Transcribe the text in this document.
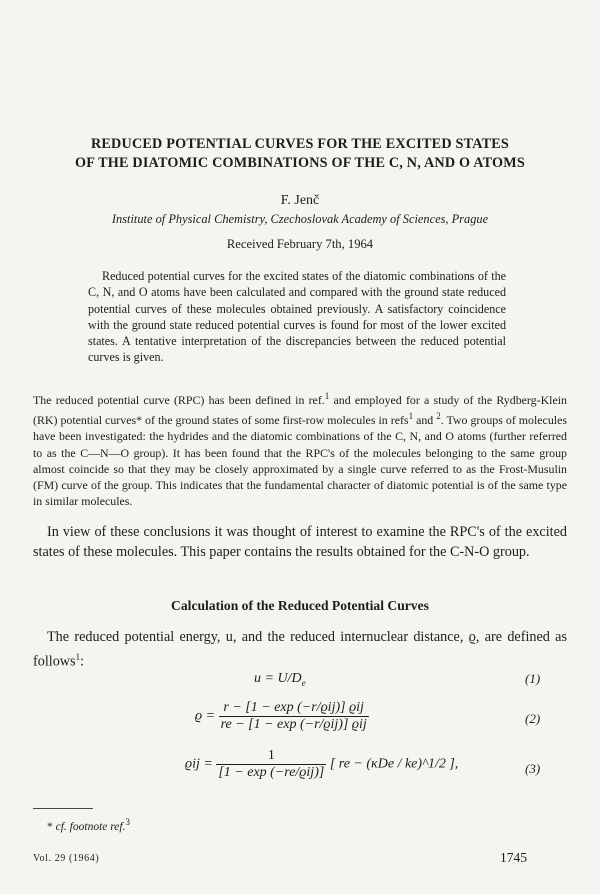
REDUCED POTENTIAL CURVES FOR THE EXCITED STATES
OF THE DIATOMIC COMBINATIONS OF THE C, N, AND O ATOMS
F. Jenč
Institute of Physical Chemistry, Czechoslovak Academy of Sciences, Prague
Received February 7th, 1964

Reduced potential curves for the excited states of the diatomic combinations of the C, N, and O atoms have been calculated and compared with the ground state reduced potential curves of these molecules obtained previously. A satisfactory coincidence with the ground state reduced potential curves is found for most of the lower excited states. A tentative interpretation of the discrepancies between the reduced potential curves is given.

The reduced potential curve (RPC) has been defined in ref.$^1$ and employed for a study of the Rydberg-Klein (RK) potential curves* of the ground states of some first-row molecules in refs$^1$ and $^2$. Two groups of molecules have been investigated: the hydrides and the diatomic combinations of the C, N, and O atoms (further referred to as the C—N—O group). It has been found that the RPC's of the molecules belonging to the same group almost coincide so that they may be closely approximated by a single curve referred to as the Frost-Musulin (FM) curve of the group. This indicates that the fundamental character of diatomic potential is of the same type in similar molecules.

In view of these conclusions it was thought of interest to examine the RPC's of the excited states of these molecules. This paper contains the results obtained for the C-N-O group.

Calculation of the Reduced Potential Curves

The reduced potential energy, u, and the reduced internuclear distance, ϱ, are defined as follows$^1$:

$u = U/D_e$	(1)
$ϱ = \frac{\text{r − [1 − exp (−r/ϱij)] ϱij}}{\text{re − [1 − exp (−r/ϱij)] ϱij}}$	(2)
$ϱij = \frac{1}{\text{[1 − exp (−re/ϱij)]}}$ [ re − (κDe / ke)^1/2 ],	(3)
* cf. footnote ref.$^3$
Vol. 29 (1964)	1745
